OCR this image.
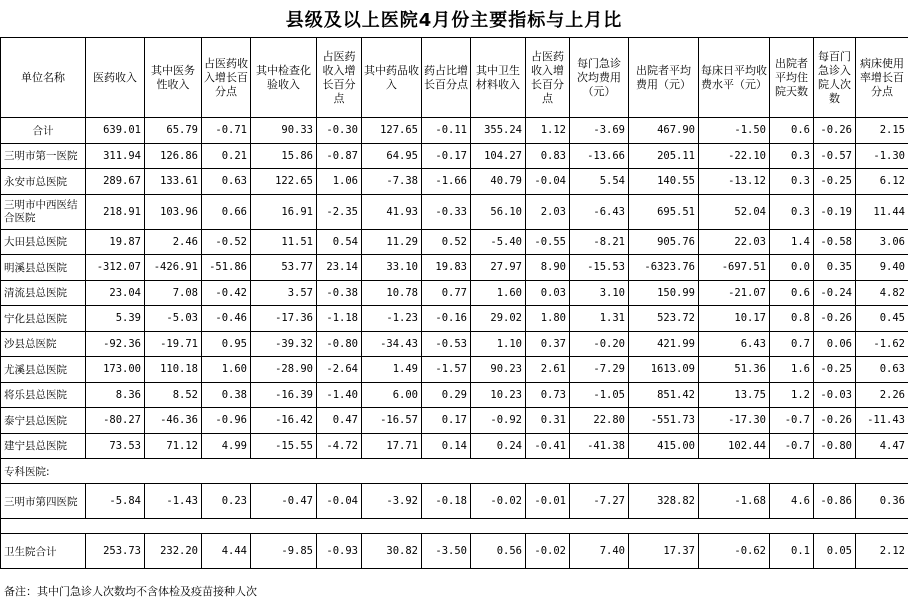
县级及以上医院4月份主要指标与上月比
单位名称	医药收入	其中医务性收入	占医药收入增长百分点	其中检查化验收入	占医药收入增长百分点	其中药品收入	药占比增长百分点	其中卫生材料收入	占医药收入增长百分点	每门急诊次均费用（元）	出院者平均费用（元）	每床日平均收费水平（元）	出院者平均住院天数	每百门急诊入院人次数	病床使用率增长百分点
合计	639.01	65.79	-0.71	90.33	-0.30	127.65	-0.11	355.24	1.12	-3.69	467.90	-1.50	0.6	-0.26	2.15
三明市第一医院	311.94	126.86	0.21	15.86	-0.87	64.95	-0.17	104.27	0.83	-13.66	205.11	-22.10	0.3	-0.57	-1.30
永安市总医院	289.67	133.61	0.63	122.65	1.06	-7.38	-1.66	40.79	-0.04	5.54	140.55	-13.12	0.3	-0.25	6.12
三明市中西医结合医院	218.91	103.96	0.66	16.91	-2.35	41.93	-0.33	56.10	2.03	-6.43	695.51	52.04	0.3	-0.19	11.44
大田县总医院	19.87	2.46	-0.52	11.51	0.54	11.29	0.52	-5.40	-0.55	-8.21	905.76	22.03	1.4	-0.58	3.06
明溪县总医院	-312.07	-426.91	-51.86	53.77	23.14	33.10	19.83	27.97	8.90	-15.53	-6323.76	-697.51	0.0	0.35	9.40
清流县总医院	23.04	7.08	-0.42	3.57	-0.38	10.78	0.77	1.60	0.03	3.10	150.99	-21.07	0.6	-0.24	4.82
宁化县总医院	5.39	-5.03	-0.46	-17.36	-1.18	-1.23	-0.16	29.02	1.80	1.31	523.72	10.17	0.8	-0.26	0.45
沙县总医院	-92.36	-19.71	0.95	-39.32	-0.80	-34.43	-0.53	1.10	0.37	-0.20	421.99	6.43	0.7	0.06	-1.62
尤溪县总医院	173.00	110.18	1.60	-28.90	-2.64	1.49	-1.57	90.23	2.61	-7.29	1613.09	51.36	1.6	-0.25	0.63
将乐县总医院	8.36	8.52	0.38	-16.39	-1.40	6.00	0.29	10.23	0.73	-1.05	851.42	13.75	1.2	-0.03	2.26
泰宁县总医院	-80.27	-46.36	-0.96	-16.42	0.47	-16.57	0.17	-0.92	0.31	22.80	-551.73	-17.30	-0.7	-0.26	-11.43
建宁县总医院	73.53	71.12	4.99	-15.55	-4.72	17.71	0.14	0.24	-0.41	-41.38	415.00	102.44	-0.7	-0.80	4.47
专科医院:															
三明市第四医院	-5.84	-1.43	0.23	-0.47	-0.04	-3.92	-0.18	-0.02	-0.01	-7.27	328.82	-1.68	4.6	-0.86	0.36

卫生院合计	253.73	232.20	4.44	-9.85	-0.93	30.82	-3.50	0.56	-0.02	7.40	17.37	-0.62	0.1	0.05	2.12
备注：其中门急诊人次数均不含体检及疫苗接种人次
